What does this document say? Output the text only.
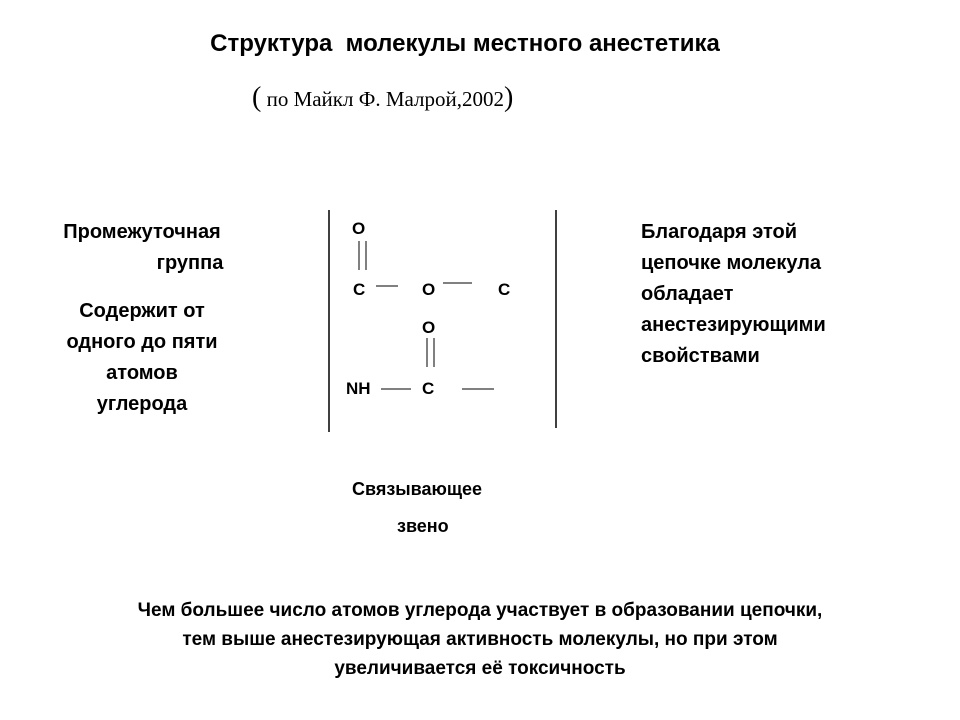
Структура  молекулы местного анестетика
( по Майкл Ф. Малрой,2002)
Промежуточная
группа
Содержит от
одного до пяти
атомов
углерода
O
C	O	C
O
NH	C
Связывающее
звено
Благодаря этой
цепочке молекула
обладает
анестезирующими
свойствами
Чем большее число атомов углерода участвует в образовании цепочки,
тем выше анестезирующая активность молекулы, но при этом
увеличивается её токсичность
